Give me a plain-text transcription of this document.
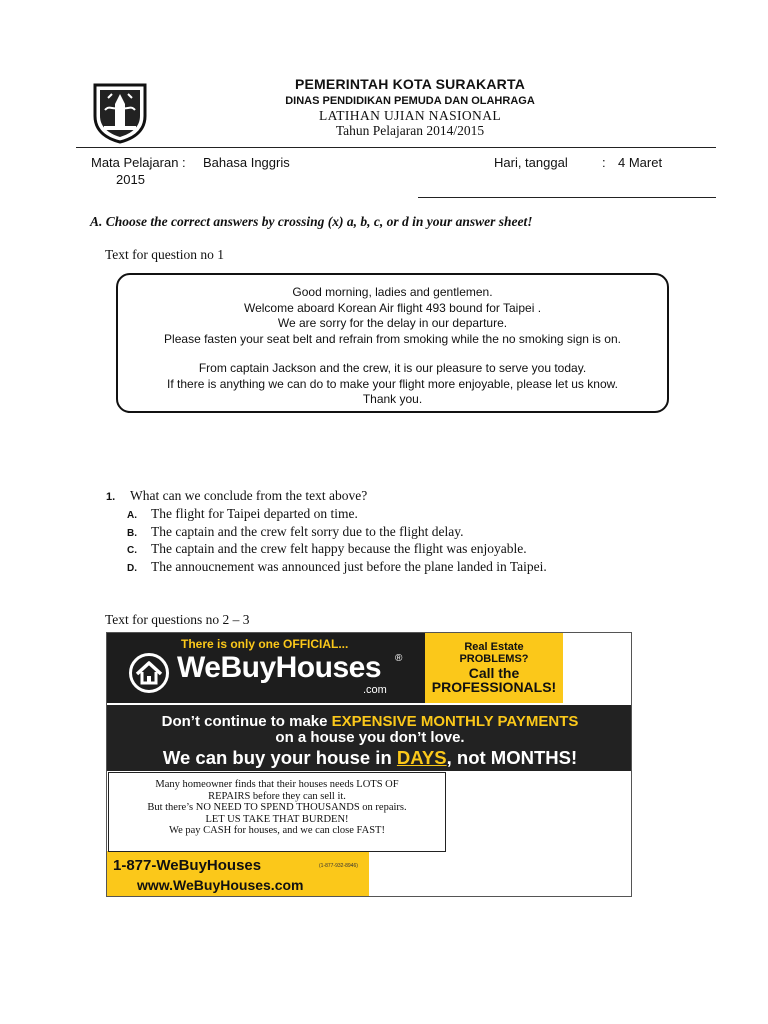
PEMERINTAH KOTA SURAKARTA
DINAS PENDIDIKAN PEMUDA DAN OLAHRAGA
LATIHAN UJIAN NASIONAL
Tahun Pelajaran 2014/2015
Mata Pelajaran : Bahasa Inggris	Hari, tanggal	: 4 Maret
2015
A. Choose the correct answers by crossing (x) a, b, c, or d in your answer sheet!
Text for question no 1

Good morning, ladies and gentlemen.

Welcome aboard Korean Air flight 493 bound for Taipei .

We are sorry for the delay in our departure.

Please fasten your seat belt and refrain from smoking while the no smoking sign is on.

From captain Jackson and the crew, it is our pleasure to serve you today.

If there is anything we can do to make your flight more enjoyable, please let us know.

Thank you.

1. What can we conclude from the text above?
A. The flight for Taipei departed on time.
B. The captain and the crew felt sorry due to the flight delay.
C. The captain and the crew felt happy because the flight was enjoyable.
D. The annoucnement was announced just before the plane landed in Taipei.
Text for questions no 2 – 3
There is only one OFFICIAL...
WeBuyHouses ®
.com
Real Estate
PROBLEMS?
Call the
PROFESSIONALS!
Don’t continue to make EXPENSIVE MONTHLY PAYMENTS
on a house you don’t love.
We can buy your house in DAYS, not MONTHS!
1-877-WeBuyHouses	(1-877-932-8946)
www.WeBuyHouses.com

Many homeowner finds that their houses needs LOTS OF

REPAIRS before they can sell it.

But there’s NO NEED TO SPEND THOUSANDS on repairs.

LET US TAKE THAT BURDEN!

We pay CASH for houses, and we can close FAST!
